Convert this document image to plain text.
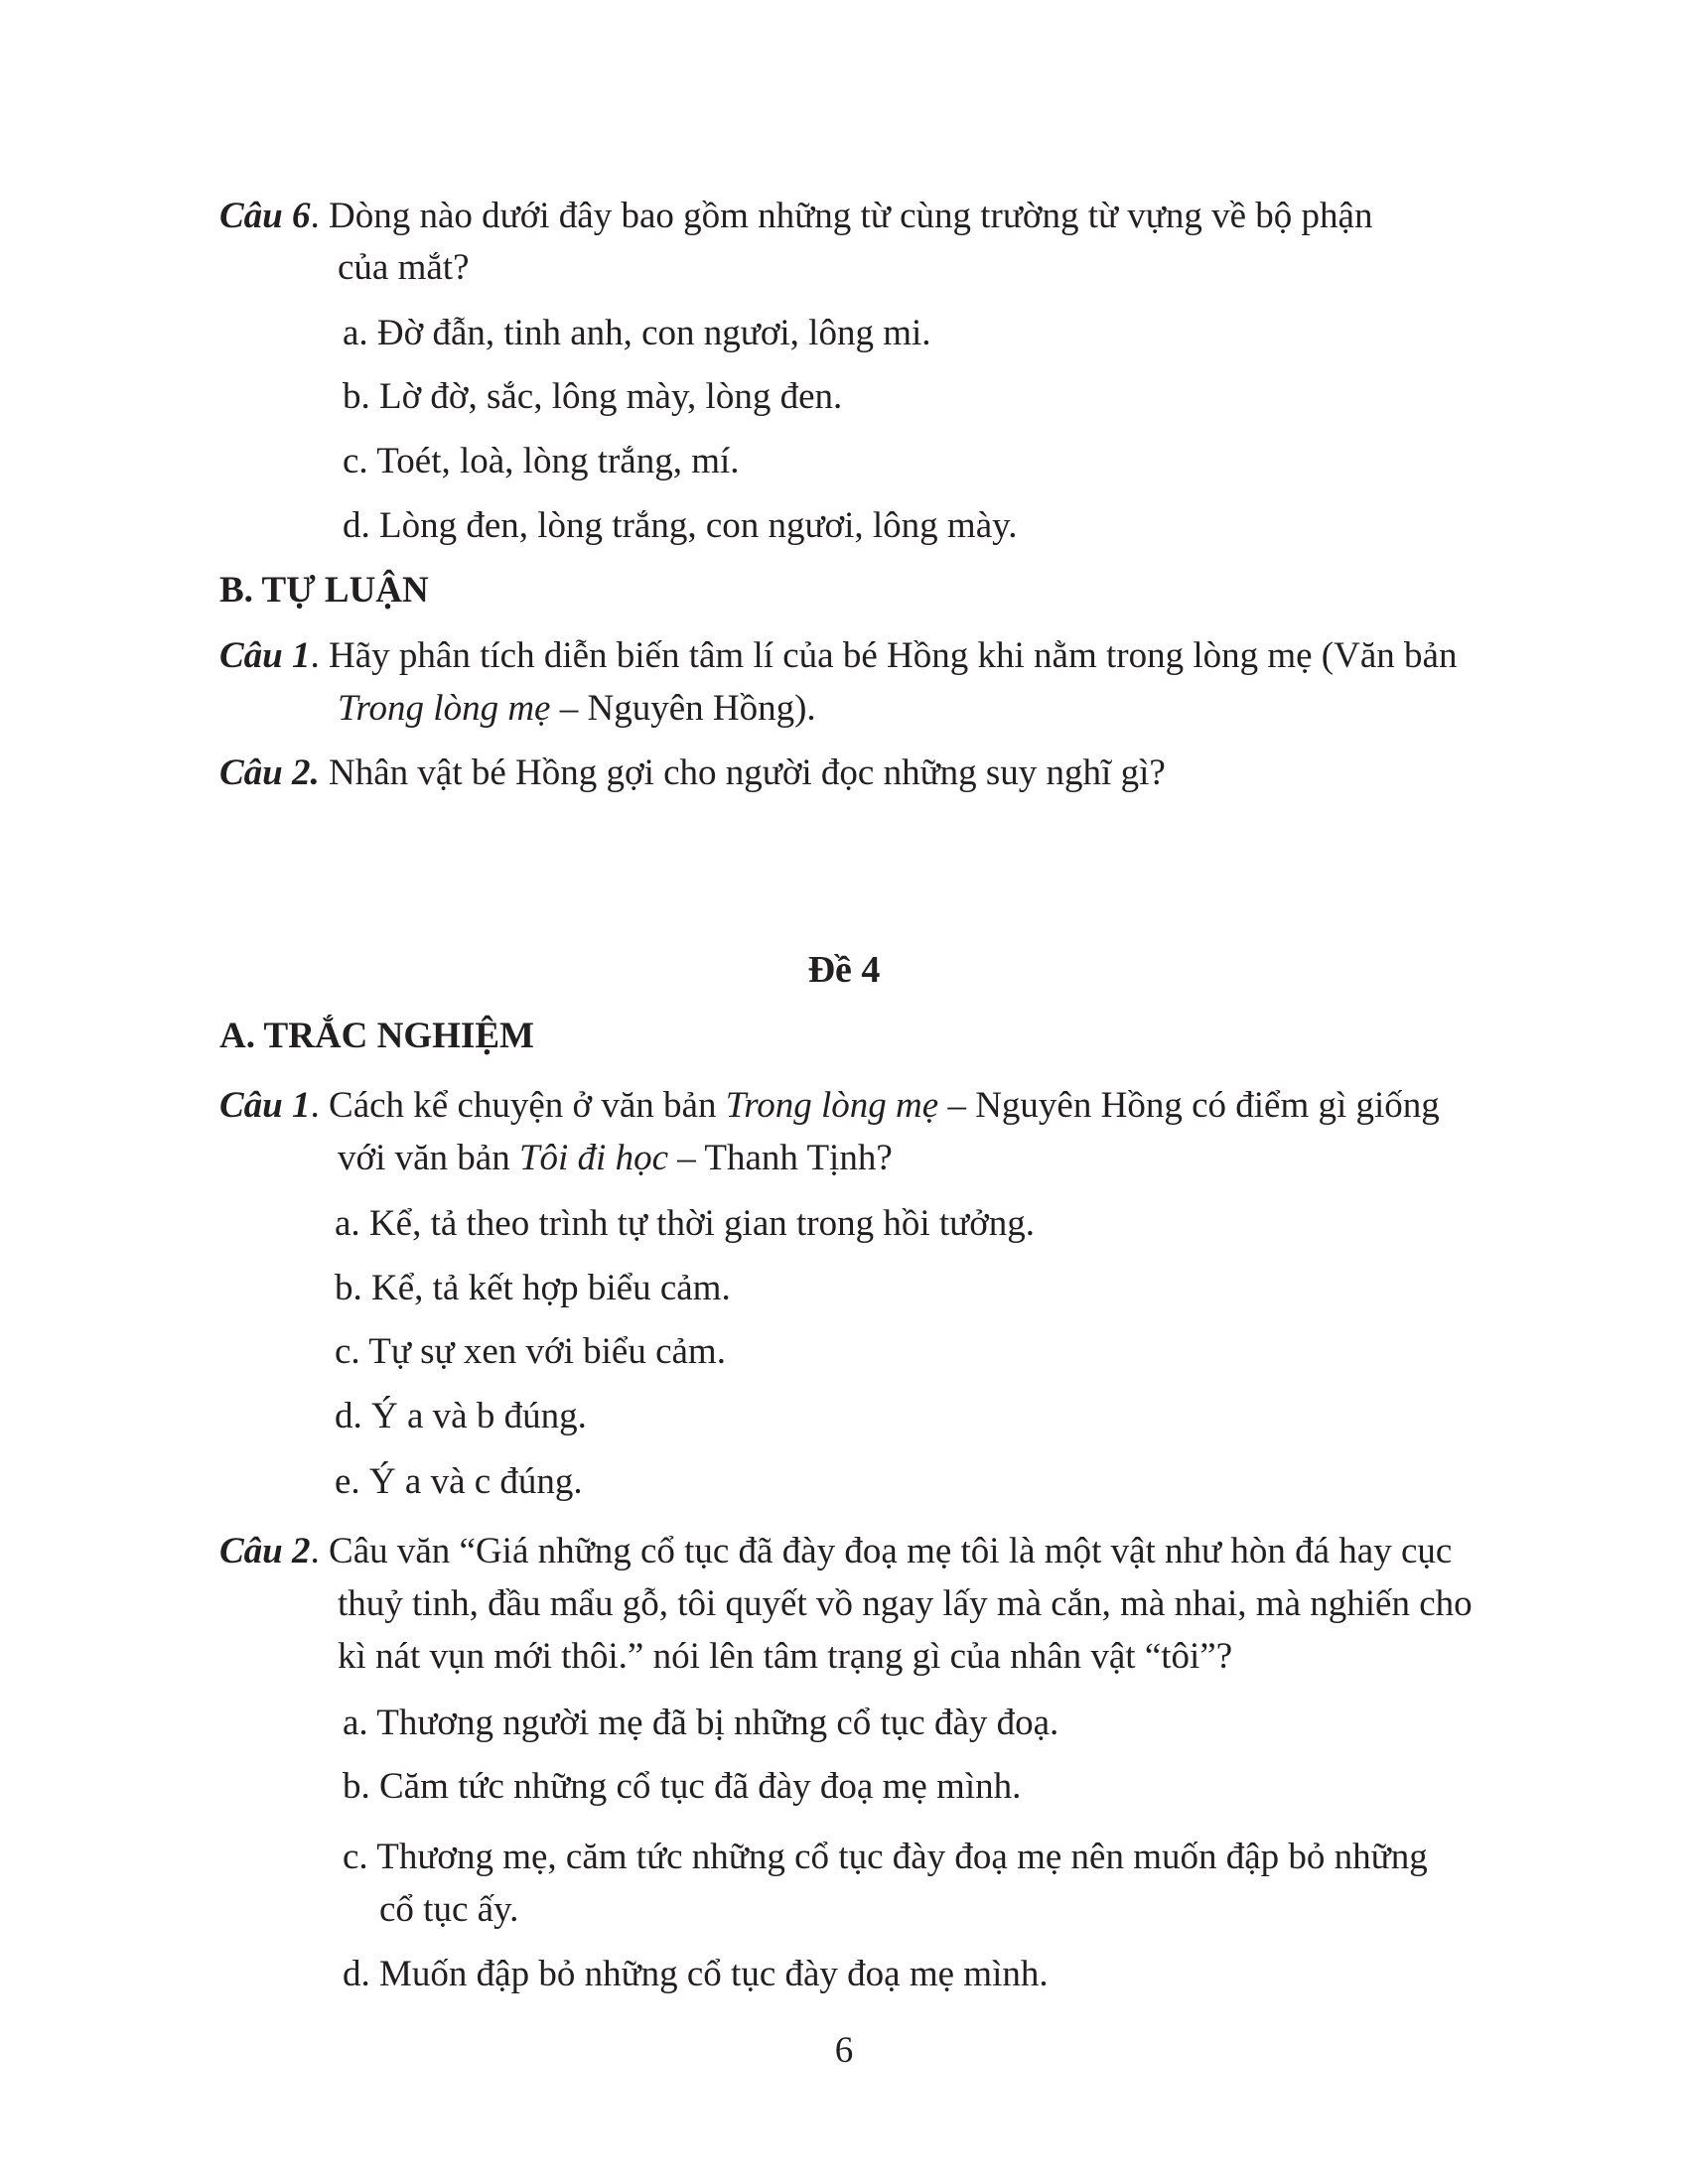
Câu 6. Dòng nào dưới đây bao gồm những từ cùng trường từ vựng về bộ phận
của mắt?
a. Đờ đẫn, tinh anh, con ngươi, lông mi.
b. Lờ đờ, sắc, lông mày, lòng đen.
c. Toét, loà, lòng trắng, mí.
d. Lòng đen, lòng trắng, con ngươi, lông mày.
B. TỰ LUẬN
Câu 1. Hãy phân tích diễn biến tâm lí của bé Hồng khi nằm trong lòng mẹ (Văn bản
Trong lòng mẹ – Nguyên Hồng).
Câu 2. Nhân vật bé Hồng gợi cho người đọc những suy nghĩ gì?
Đề 4
A. TRẮC NGHIỆM
Câu 1. Cách kể chuyện ở văn bản Trong lòng mẹ – Nguyên Hồng có điểm gì giống
với văn bản Tôi đi học – Thanh Tịnh?
a. Kể, tả theo trình tự thời gian trong hồi tưởng.
b. Kể, tả kết hợp biểu cảm.
c. Tự sự xen với biểu cảm.
d. Ý a và b đúng.
e. Ý a và c đúng.
Câu 2. Câu văn “Giá những cổ tục đã đày đoạ mẹ tôi là một vật như hòn đá hay cục
thuỷ tinh, đầu mẩu gỗ, tôi quyết vồ ngay lấy mà cắn, mà nhai, mà nghiến cho
kì nát vụn mới thôi.” nói lên tâm trạng gì của nhân vật “tôi”?
a. Thương người mẹ đã bị những cổ tục đày đoạ.
b. Căm tức những cổ tục đã đày đoạ mẹ mình.
c. Thương mẹ, căm tức những cổ tục đày đoạ mẹ nên muốn đập bỏ những
cổ tục ấy.
d. Muốn đập bỏ những cổ tục đày đoạ mẹ mình.
6
